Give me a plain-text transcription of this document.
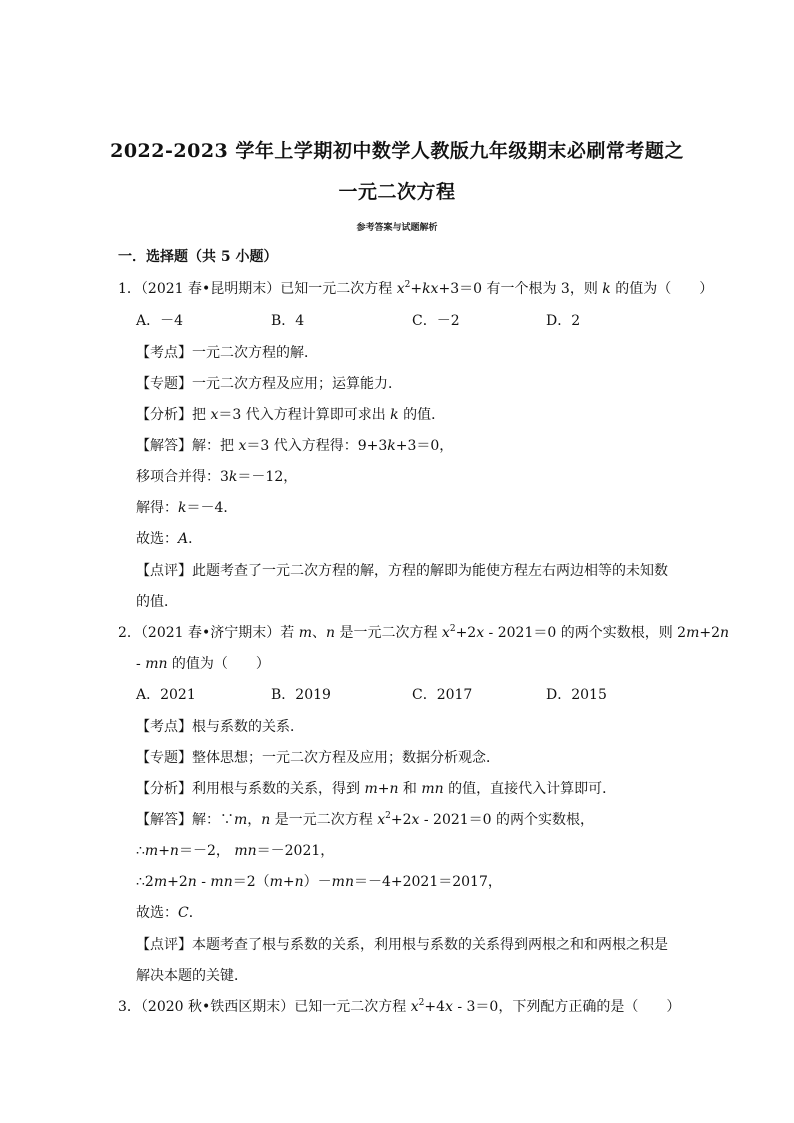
2022-2023 学年上学期初中数学人教版九年级期末必刷常考题之
一元二次方程
参考答案与试题解析
一．选择题（共 5 小题）
1．（2021 春•昆明期末）已知一元二次方程 $x^2+kx+3=0$ 有一个根为 3，则 k 的值为（　　）
A．－4	B．4	C．－2	D．2
【考点】一元二次方程的解．
【专题】一元二次方程及应用；运算能力．
【分析】把 x＝3 代入方程计算即可求出 k 的值．
【解答】解：把 x＝3 代入方程得：9+3k+3＝0，
移项合并得：3k＝－12，
解得：k＝－4．
故选：A．
【点评】此题考查了一元二次方程的解，方程的解即为能使方程左右两边相等的未知数
的值．
2．（2021 春•济宁期末）若 m、n 是一元二次方程 $x^2+2x - 2021=0$ 的两个实数根，则 2m+2n
- mn 的值为（　　）
A．2021	B．2019	C．2017	D．2015
【考点】根与系数的关系．
【专题】整体思想；一元二次方程及应用；数据分析观念．
【分析】利用根与系数的关系，得到 m+n 和 mn 的值，直接代入计算即可．
【解答】解：∵m，n 是一元二次方程 $x^2+2x - 2021=0$ 的两个实数根，
∴m+n＝－2， mn＝－2021，
∴2m+2n - mn＝2（m+n）－mn＝－4+2021＝2017，
故选：C．
【点评】本题考查了根与系数的关系，利用根与系数的关系得到两根之和和两根之积是
解决本题的关键．
3．（2020 秋•铁西区期末）已知一元二次方程 $x^2+4x - 3=0$，下列配方正确的是（　　）
